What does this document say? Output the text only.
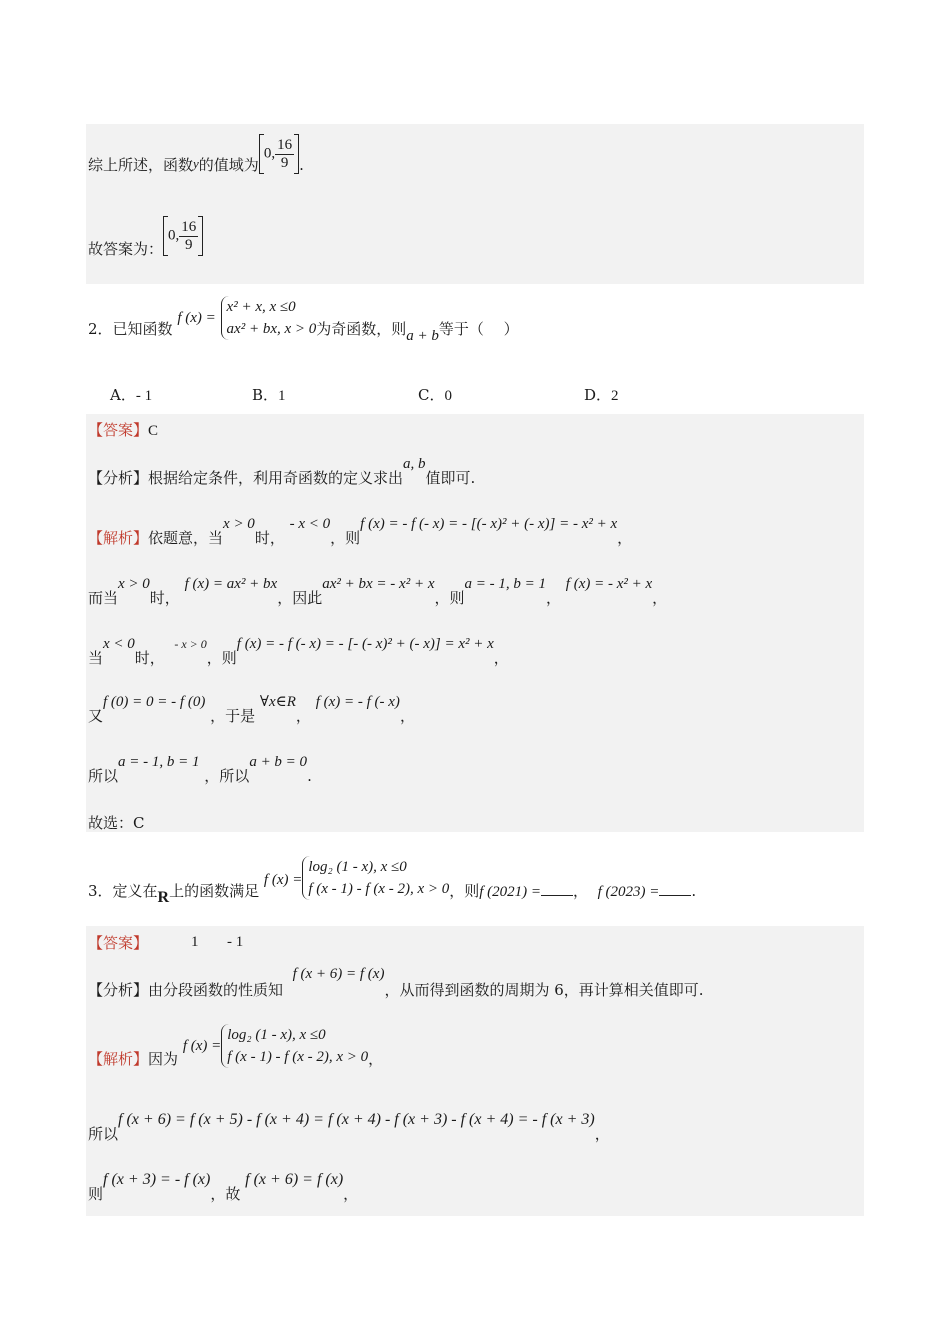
综上所述，函数y的值域为0, $\frac{16}{9}$ .
故答案为：0, $\frac{16}{9}$
2．已知函数 f (x) =
x² + x, x ≤0
ax² + bx, x > 0 为奇函数，则a + b等于（　 ）
A．- 1	B．1	C．0	D．2
【答案】C
【分析】根据给定条件，利用奇函数的定义求出a, b值即可.
【解析】依题意，当x > 0时， - x < 0，则f (x) = - f (- x) = - [(- x)² + (- x)] = - x² + x，
而当x > 0时， f (x) = ax² + bx，因此ax² + bx = - x² + x，则a = - 1, b = 1， f (x) = - x² + x，
当x < 0时，  - x > 0，则f (x) = - f (- x) = - [- (- x)² + (- x)] = x² + x，
又f (0) = 0 = - f (0) ，于是 ∀x∈R， f (x) = - f (- x)，
所以a = - 1, b = 1 ，所以a + b = 0.
故选：C
3．定义在R上的函数满足 f (x) =
log₂ (1 - x), x ≤0
f (x - 1) - f (x - 2), x > 0 ，则f (2021) = ， f (2023) = .
【答案】	1 - 1
【分析】由分段函数的性质知  f (x + 6) = f (x)，从而得到函数的周期为 6，再计算相关值即可.
【解析】因为 f (x) =
log₂ (1 - x), x ≤0
f (x - 1) - f (x - 2), x > 0 ，
所以f (x + 6) = f (x + 5) - f (x + 4) = f (x + 4) - f (x + 3) - f (x + 4) = - f (x + 3)，
则f (x + 3) = - f (x)，故 f (x + 6) = f (x)，
